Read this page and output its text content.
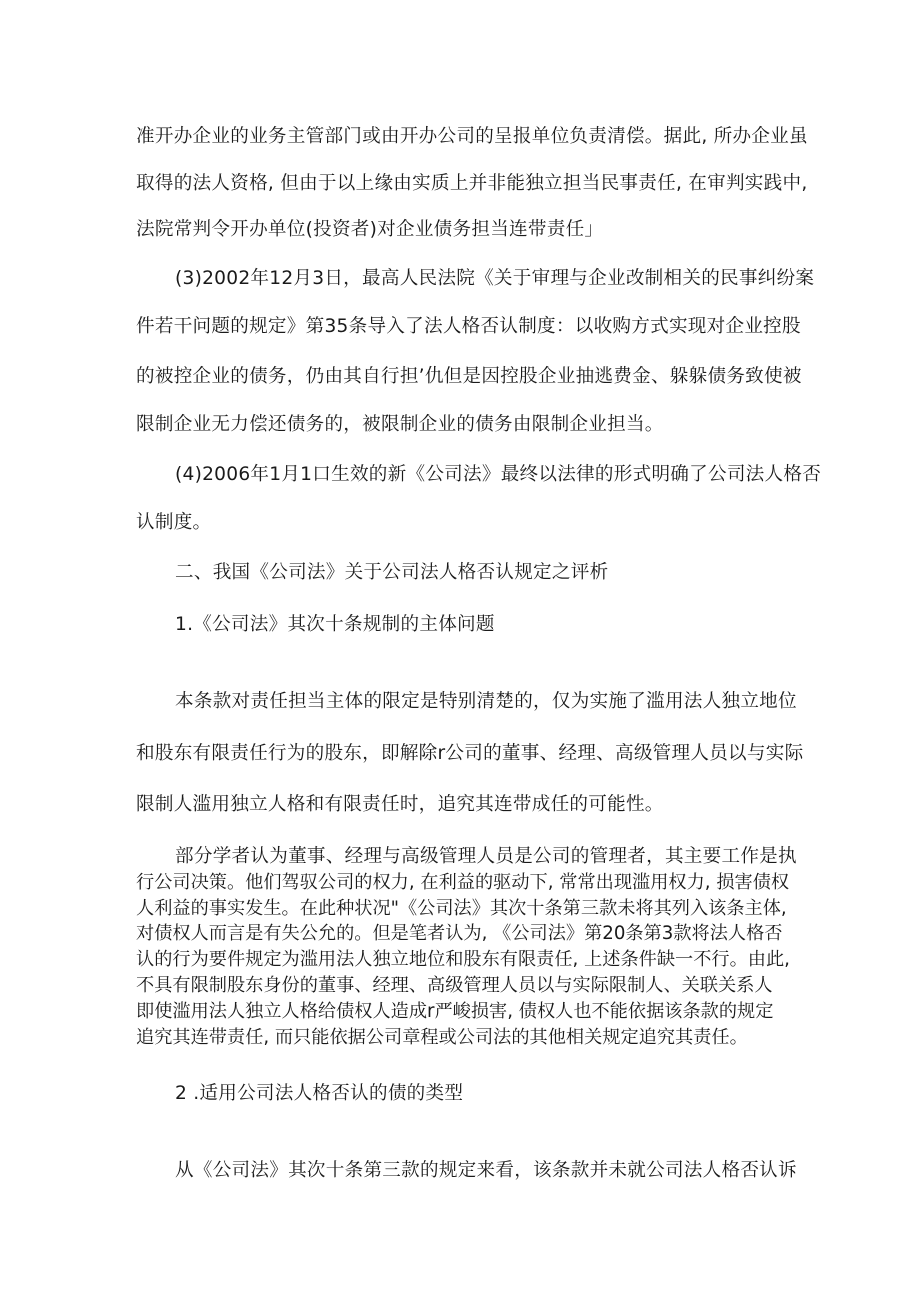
准开办企业的业务主管部门或由开办公司的呈报单位负责清偿。据此, 所办企业虽
取得的法人资格, 但由于以上缘由实质上并非能独立担当民事责任, 在审判实践中,
法院常判令开办单位(投资者)对企业债务担当连带责任」
(3)2002年12月3日，最高人民法院《关于审理与企业改制相关的民事纠纷案
件若干问题的规定》第35条导入了法人格否认制度：以收购方式实现对企业控股
的被控企业的债务，仍由其自行担’仇但是因控股企业抽逃费金、躲躲债务致使被
限制企业无力偿还债务的，被限制企业的债务由限制企业担当。
(4)2006年1月1口生效的新《公司法》最终以法律的形式明确了公司法人格否
认制度。
二、我国《公司法》关于公司法人格否认规定之评析
1.《公司法》其次十条规制的主体问题
本条款对责任担当主体的限定是特别清楚的，仅为实施了滥用法人独立地位
和股东有限责任行为的股东，即解除r公司的董事、经理、高级管理人员以与实际
限制人滥用独立人格和有限责任时，追究其连带成任的可能性。
部分学者认为董事、经理与高级管理人员是公司的管理者，其主要工作是执
行公司决策。他们驾驭公司的权力, 在利益的驱动下, 常常出现滥用权力, 损害债权
人利益的事实发生。在此种状况"《公司法》其次十条第三款未将其列入该条主体,
对债权人而言是有失公允的。但是笔者认为, 《公司法》第20条第3款将法人格否
认的行为要件规定为滥用法人独立地位和股东有限责任, 上述条件缺一不行。由此,
不具有限制股东身份的董事、经理、高级管理人员以与实际限制人、关联关系人
即使滥用法人独立人格给债权人造成r严峻损害, 债权人也不能依据该条款的规定
追究其连带责任, 而只能依据公司章程或公司法的其他相关规定追究其责任。
2 .适用公司法人格否认的债的类型
从《公司法》其次十条第三款的规定来看，该条款并未就公司法人格否认诉
